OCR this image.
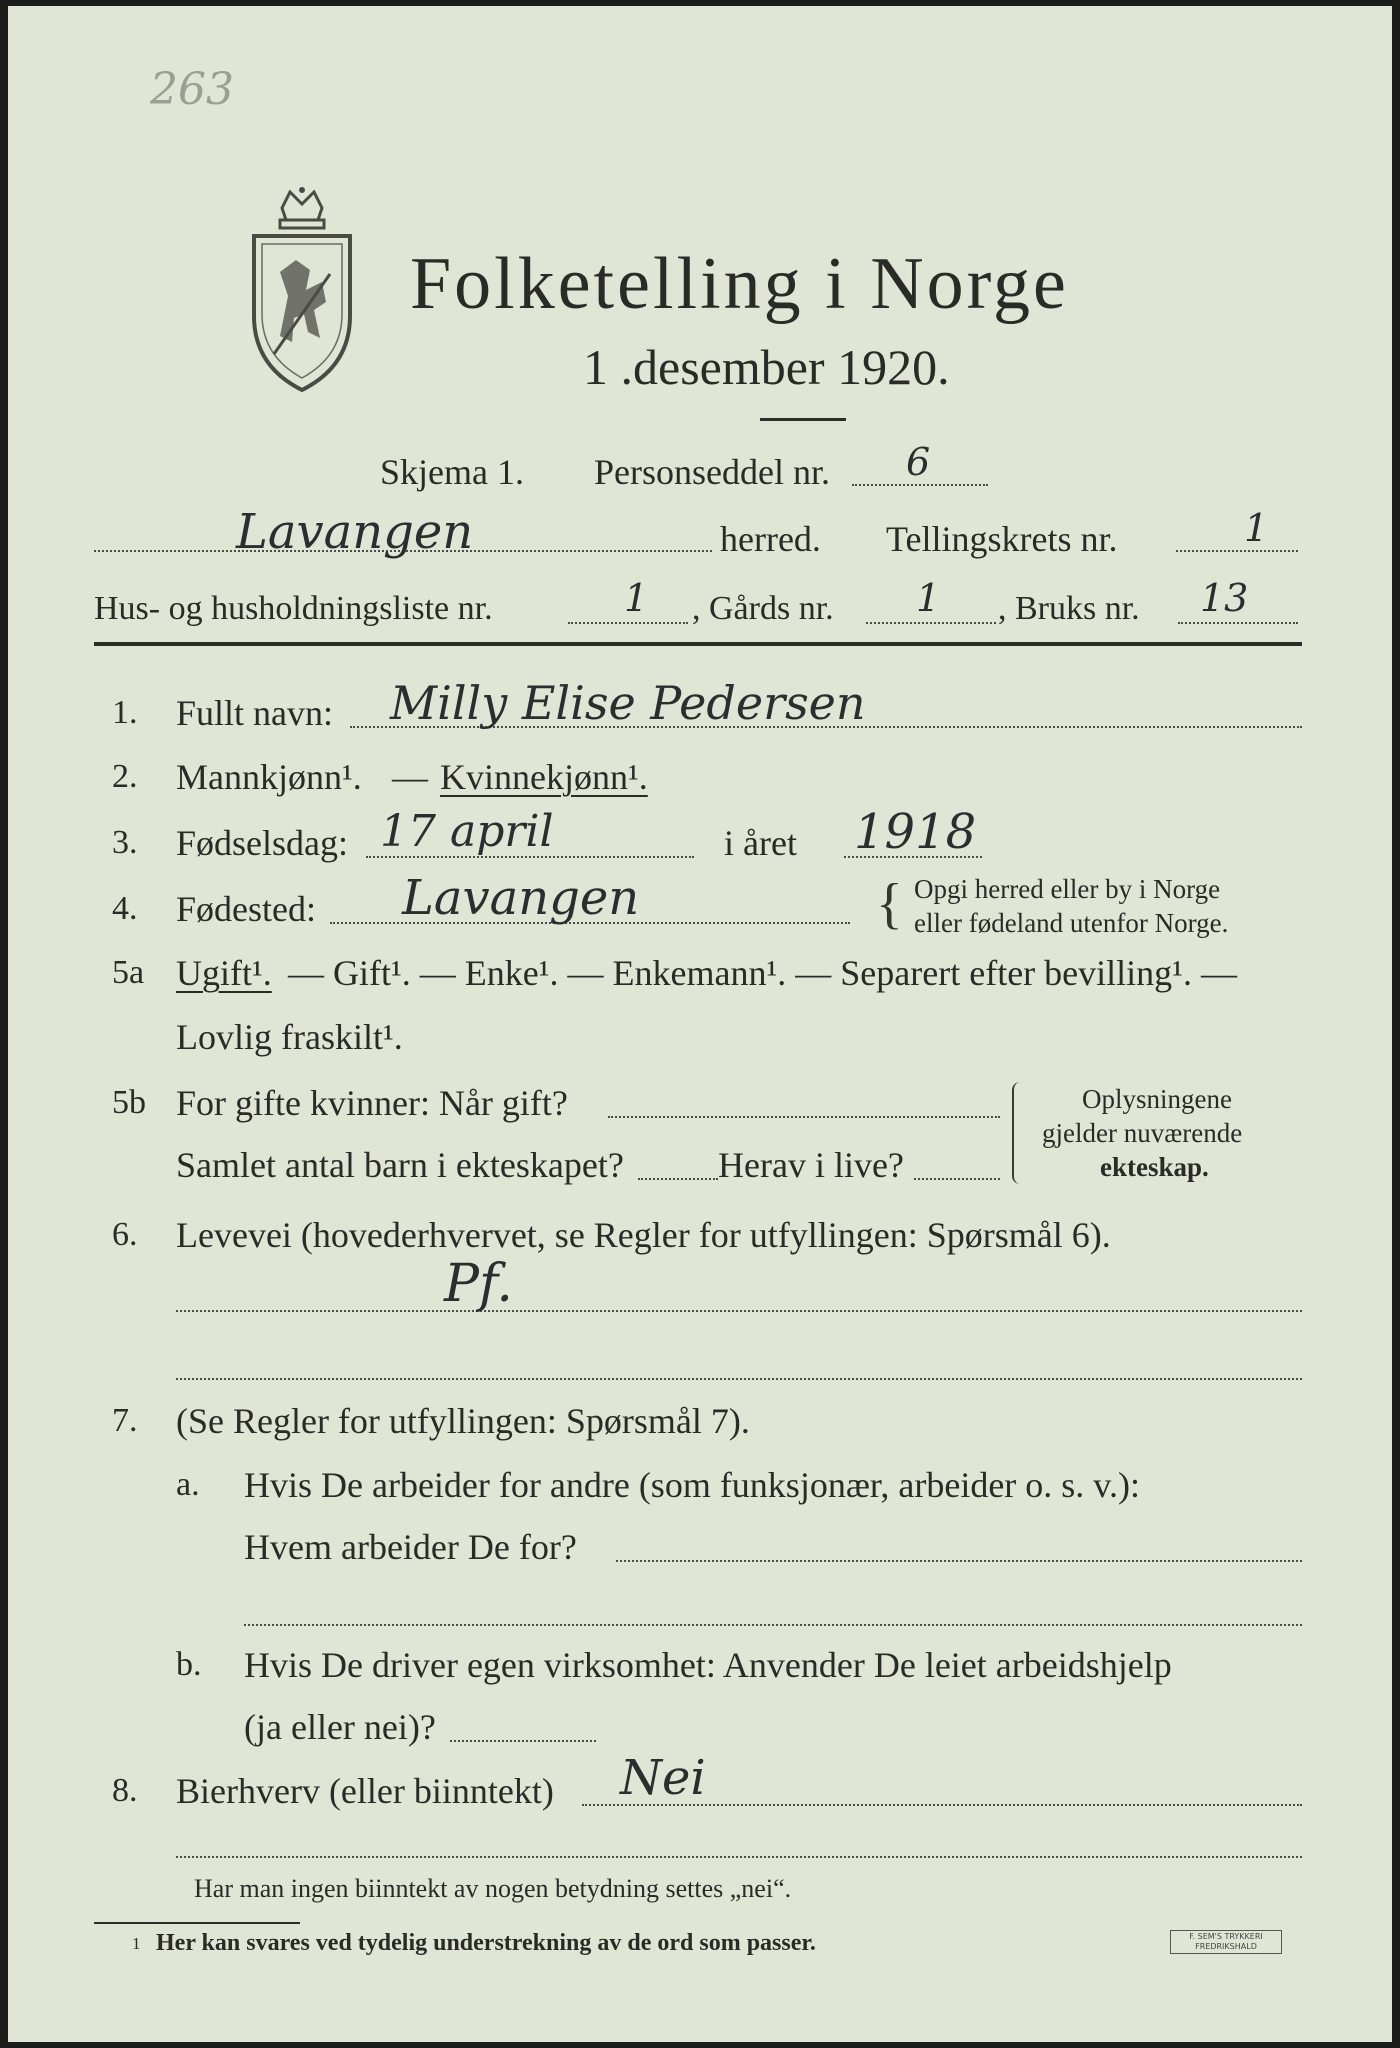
263
Folketelling i Norge
1 .desember 1920.
Skjema 1. Personseddel nr. 6
Lavangen	herred. Tellingskrets nr.	1
Hus- og husholdningsliste nr.	1 , Gårds nr. 1 , Bruks nr. 13
1. Fullt navn: Milly Elise Pedersen
2. Mannkjønn¹. — Kvinnekjønn¹.
3. Fødselsdag: 17 april	i året 1918
4. Fødested: Lavangen	{ Opgi herred eller by i Norge
eller fødeland utenfor Norge.
5a Ugift¹. — Gift¹. — Enke¹. — Enkemann¹. — Separert efter bevilling¹. —
Lovlig fraskilt¹.
5b For gifte kvinner: Når gift?
Samlet antal barn i ekteskapet?	Herav i live?
Oplysningene
gjelder nuværende
ekteskap.
6. Levevei (hovederhvervet, se Regler for utfyllingen: Spørsmål 6).
Pf.
7. (Se Regler for utfyllingen: Spørsmål 7).
a. Hvis De arbeider for andre (som funksjonær, arbeider o. s. v.):
Hvem arbeider De for?
b. Hvis De driver egen virksomhet: Anvender De leiet arbeidshjelp
(ja eller nei)?
8. Bierhverv (eller biinntekt) Nei
Har man ingen biinntekt av nogen betydning settes „nei“.
1 Her kan svares ved tydelig understrekning av de ord som passer.	F. SEM'S TRYKKERI
FREDRIKSHALD
